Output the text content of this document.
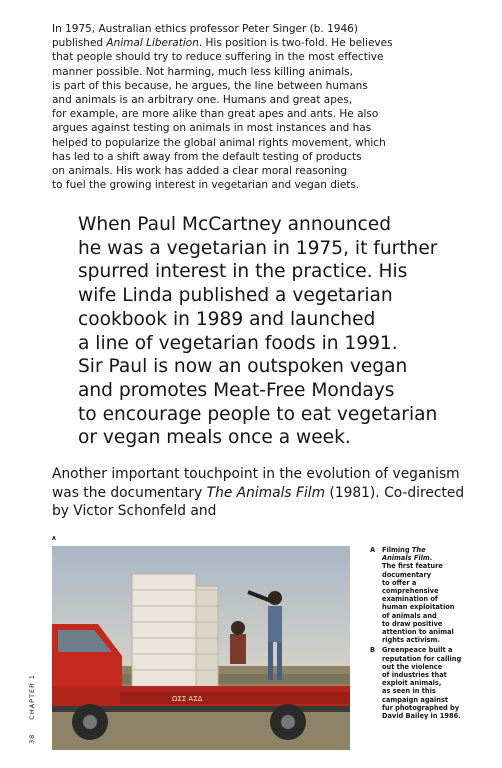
In 1975, Australian ethics professor Peter Singer (b. 1946)
published Animal Liberation. His position is two-fold. He believes
that people should try to reduce suffering in the most effective
manner possible. Not harming, much less killing animals,
is part of this because, he argues, the line between humans
and animals is an arbitrary one. Humans and great apes,
for example, are more alike than great apes and ants. He also
argues against testing on animals in most instances and has
helped to popularize the global animal rights movement, which
has led to a shift away from the default testing of products
on animals. His work has added a clear moral reasoning
to fuel the growing interest in vegetarian and vegan diets.

When Paul McCartney announced
he was a vegetarian in 1975, it further
spurred interest in the practice. His
wife Linda published a vegetarian
cookbook in 1989 and launched
a line of vegetarian foods in 1991.
Sir Paul is now an outspoken vegan
and promotes Meat-Free Mondays
to encourage people to eat vegetarian
or vegan meals once a week.

Another important touchpoint in the evolution of veganism was the documentary The Animals Film (1981). Co-directed by Victor Schonfeld and

A
ΩΣΣ ΑΣΔ
A	Filming The
Animals Film.
The first feature
documentary
to offer a
comprehensive
examination of
human exploitation
of animals and
to draw positive
attention to animal
rights activism.
B	Greenpeace built a
reputation for calling
out the violence
of industries that
exploit animals,
as seen in this
campaign against
fur photographed by
David Bailey in 1986.
38
CHAPTER 1
